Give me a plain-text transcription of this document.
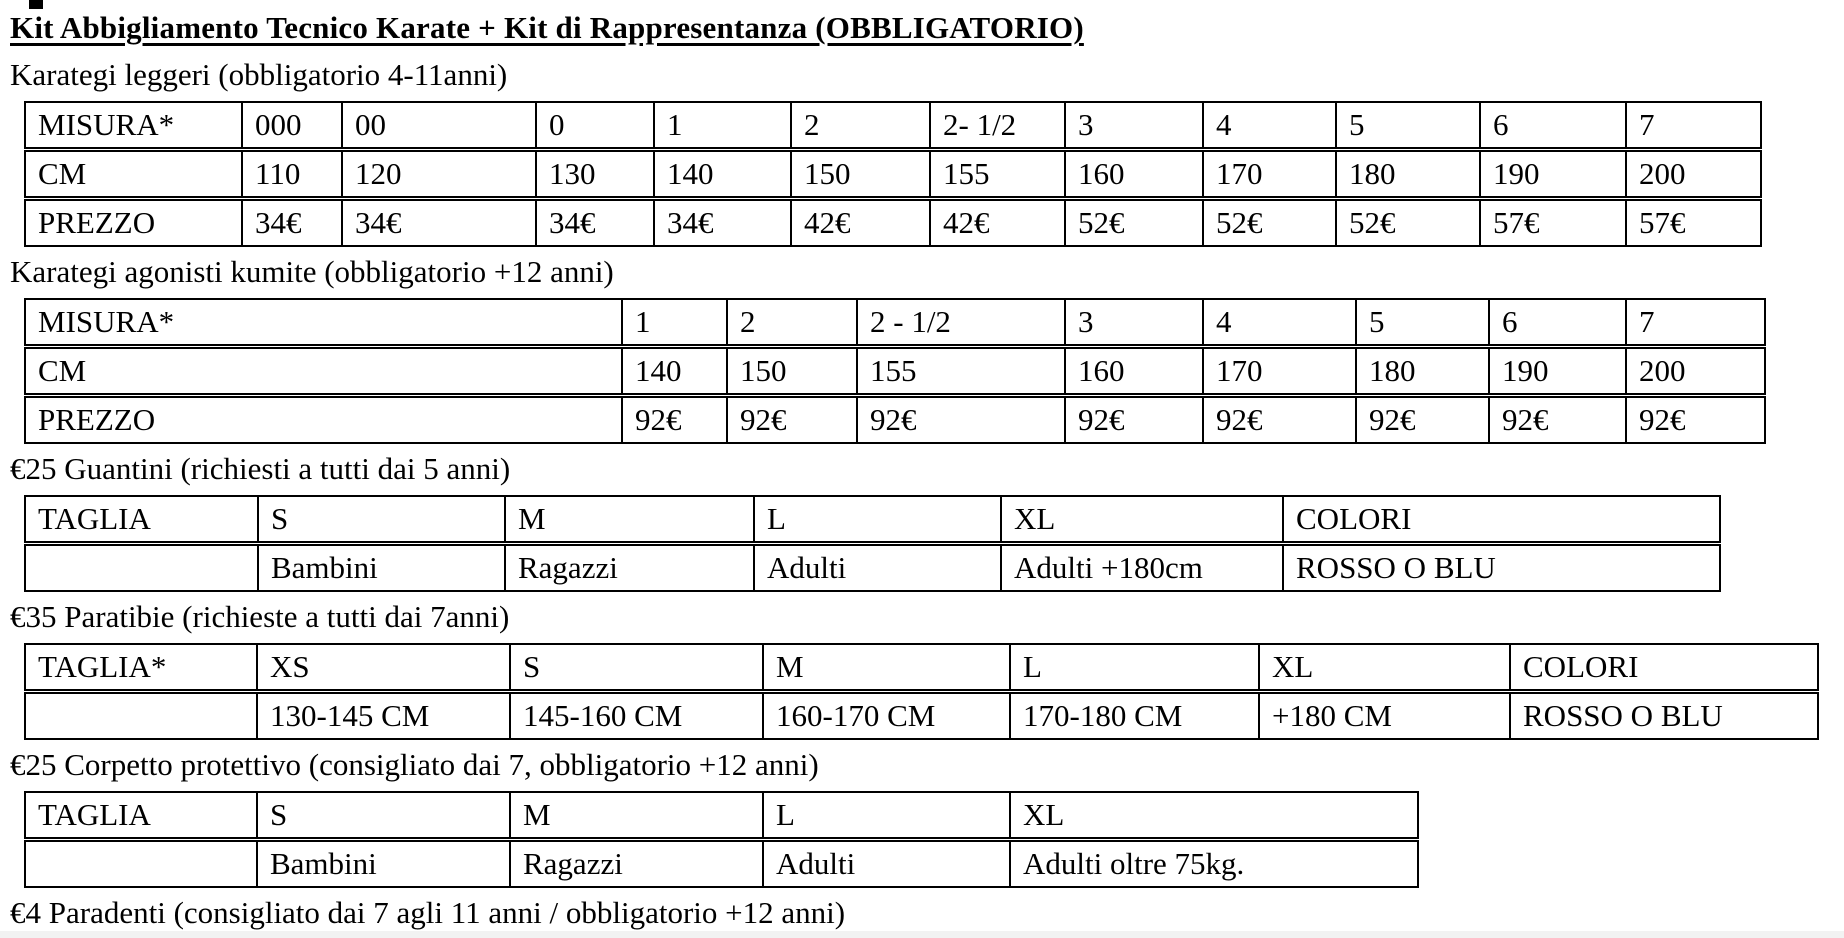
Kit Abbigliamento Tecnico Karate + Kit di Rappresentanza (OBBLIGATORIO)
Karategi leggeri (obbligatorio 4-11anni)
MISURA*	000	00	0	1	2	2- 1/2	3	4	5	6	7
CM	110	120	130	140	150	155	160	170	180	190	200
PREZZO	34€	34€	34€	34€	42€	42€	52€	52€	52€	57€	57€
Karategi agonisti kumite (obbligatorio +12 anni)
MISURA*	1	2	2 - 1/2	3	4	5	6	7
CM	140	150	155	160	170	180	190	200
PREZZO	92€	92€	92€	92€	92€	92€	92€	92€
€25 Guantini (richiesti a tutti dai 5 anni)
TAGLIA	S	M	L	XL	COLORI
	Bambini	Ragazzi	Adulti	Adulti +180cm	ROSSO O BLU
€35 Paratibie (richieste a tutti dai 7anni)
TAGLIA*	XS	S	M	L	XL	COLORI
	130-145 CM	145-160 CM	160-170 CM	170-180 CM	+180 CM	ROSSO O BLU
€25 Corpetto protettivo (consigliato dai 7, obbligatorio +12 anni)
TAGLIA	S	M	L	XL
	Bambini	Ragazzi	Adulti	Adulti oltre 75kg.
€4 Paradenti (consigliato dai 7 agli 11 anni / obbligatorio +12 anni)
